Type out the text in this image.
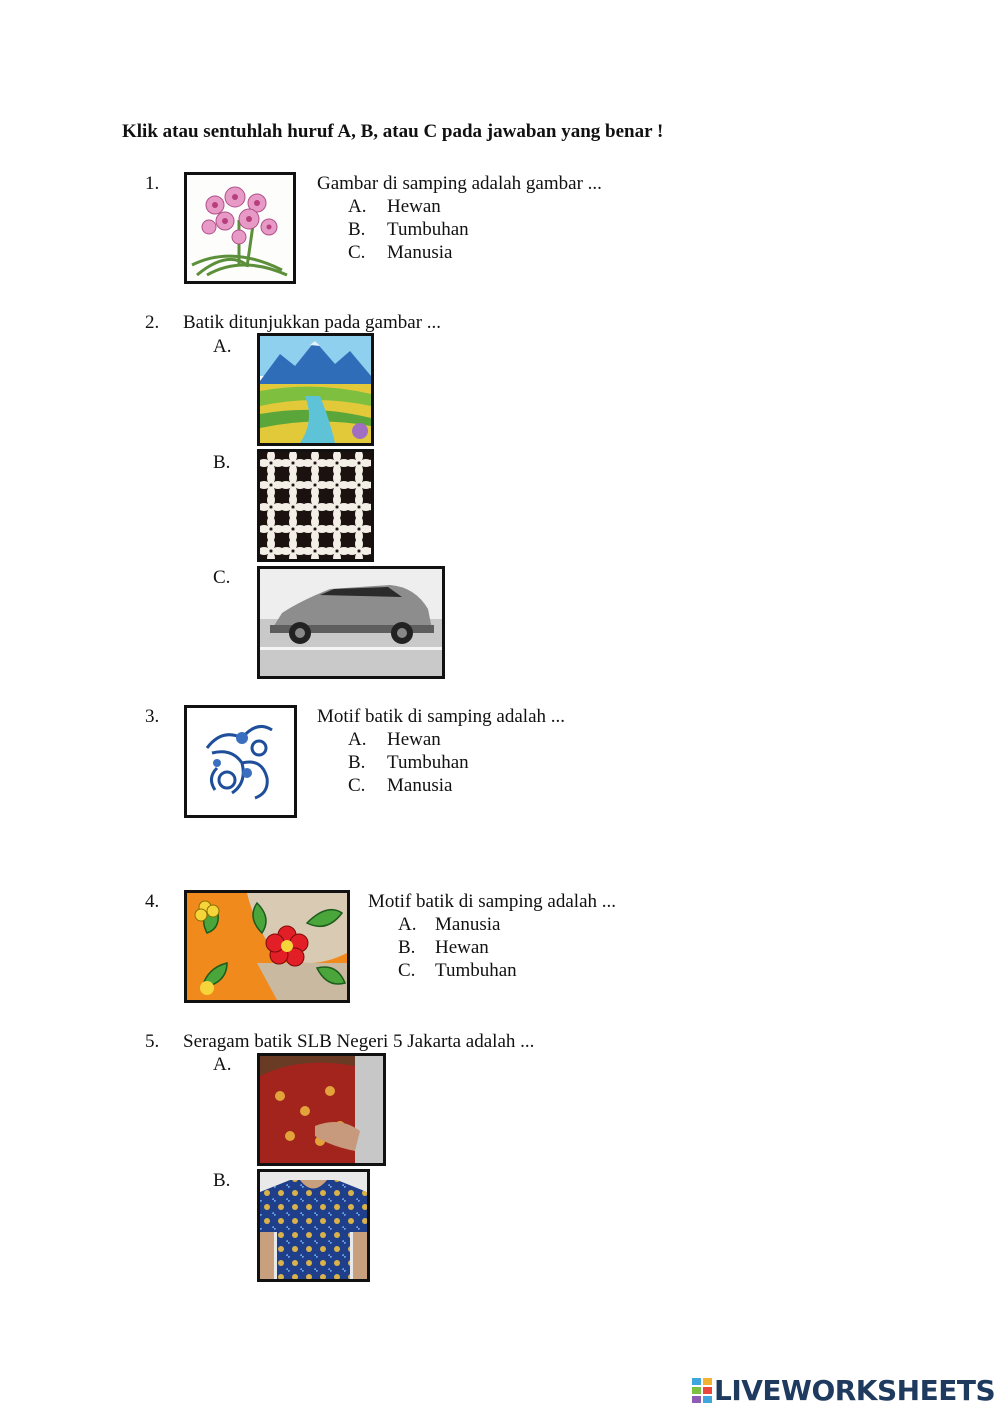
Klik atau sentuhlah huruf A, B, atau C pada jawaban yang benar !
1.	Gambar di samping adalah gambar ...
A. Hewan
B. Tumbuhan
C. Manusia
2. Batik ditunjukkan pada gambar ...
A.
B.
C.
3.	Motif batik di samping adalah ...
A. Hewan
B. Tumbuhan
C. Manusia
4.	Motif batik di samping adalah ...
A. Manusia
B. Hewan
C. Tumbuhan
5. Seragam batik SLB Negeri 5 Jakarta adalah ...
A.
B.
LIVEWORKSHEETS
